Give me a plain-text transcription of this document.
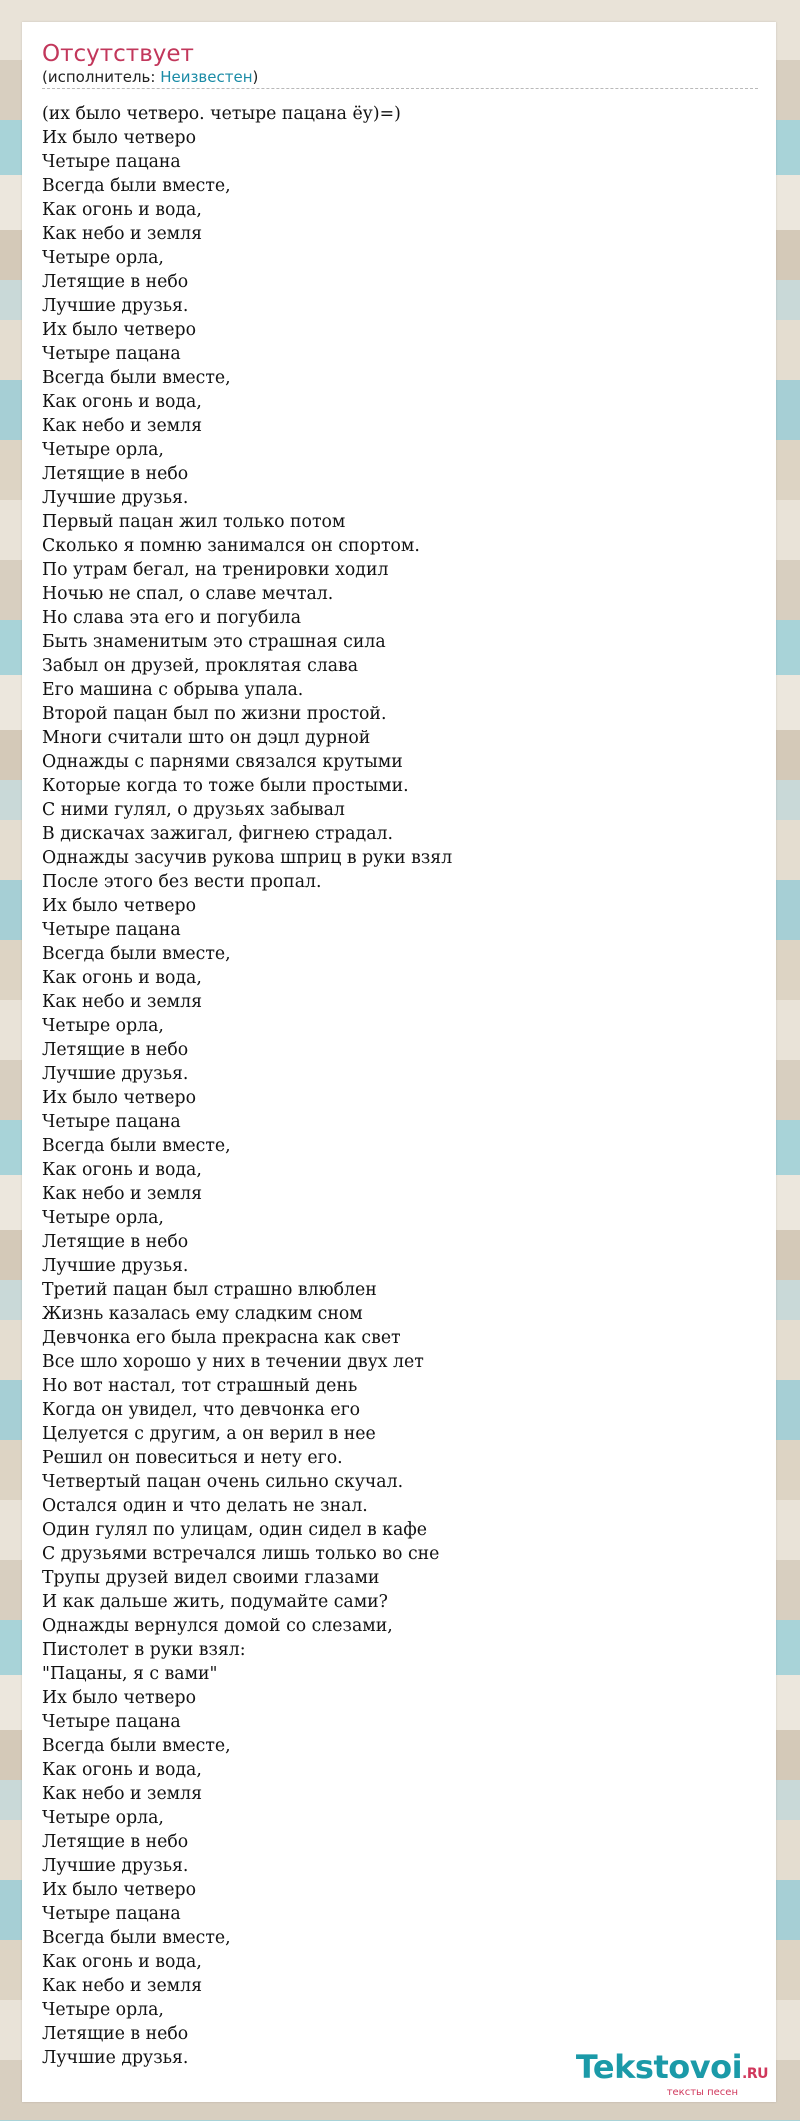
Отсутствует
(исполнитель: Неизвестен)
(их было четверо. четыре пацана ёу)=)
Их было четверо
Четыре пацана
Всегда были вместе,
Как огонь и вода,
Как небо и земля
Четыре орла,
Летящие в небо
Лучшие друзья.
Их было четверо
Четыре пацана
Всегда были вместе,
Как огонь и вода,
Как небо и земля
Четыре орла,
Летящие в небо
Лучшие друзья.
Первый пацан жил только потом
Сколько я помню занимался он спортом.
По утрам бегал, на тренировки ходил
Ночью не спал, о славе мечтал.
Но слава эта его и погубила
Быть знаменитым это страшная сила
Забыл он друзей, проклятая слава
Его машина с обрыва упала.
Второй пацан был по жизни простой.
Многи считали што он дэцл дурной
Однажды с парнями связался крутыми
Которые когда то тоже были простыми.
С ними гулял, о друзьях забывал
В дискачах зажигал, фигнею страдал.
Однажды засучив рукова шприц в руки взял
После этого без вести пропал.
Их было четверо
Четыре пацана
Всегда были вместе,
Как огонь и вода,
Как небо и земля
Четыре орла,
Летящие в небо
Лучшие друзья.
Их было четверо
Четыре пацана
Всегда были вместе,
Как огонь и вода,
Как небо и земля
Четыре орла,
Летящие в небо
Лучшие друзья.
Третий пацан был страшно влюблен
Жизнь казалась ему сладким сном
Девчонка его была прекрасна как свет
Все шло хорошо у них в течении двух лет
Но вот настал, тот страшный день
Когда он увидел, что девчонка его
Целуется с другим, а он верил в нее
Решил он повеситься и нету его.
Четвертый пацан очень сильно скучал.
Остался один и что делать не знал.
Один гулял по улицам, один сидел в кафе
С друзьями встречался лишь только во сне
Трупы друзей видел своими глазами
И как дальше жить, подумайте сами?
Однажды вернулся домой со слезами,
Пистолет в руки взял:
"Пацаны, я с вами"
Их было четверо
Четыре пацана
Всегда были вместе,
Как огонь и вода,
Как небо и земля
Четыре орла,
Летящие в небо
Лучшие друзья.
Их было четверо
Четыре пацана
Всегда были вместе,
Как огонь и вода,
Как небо и земля
Четыре орла,
Летящие в небо
Лучшие друзья.	Tekstovoi.RU
тексты песен
